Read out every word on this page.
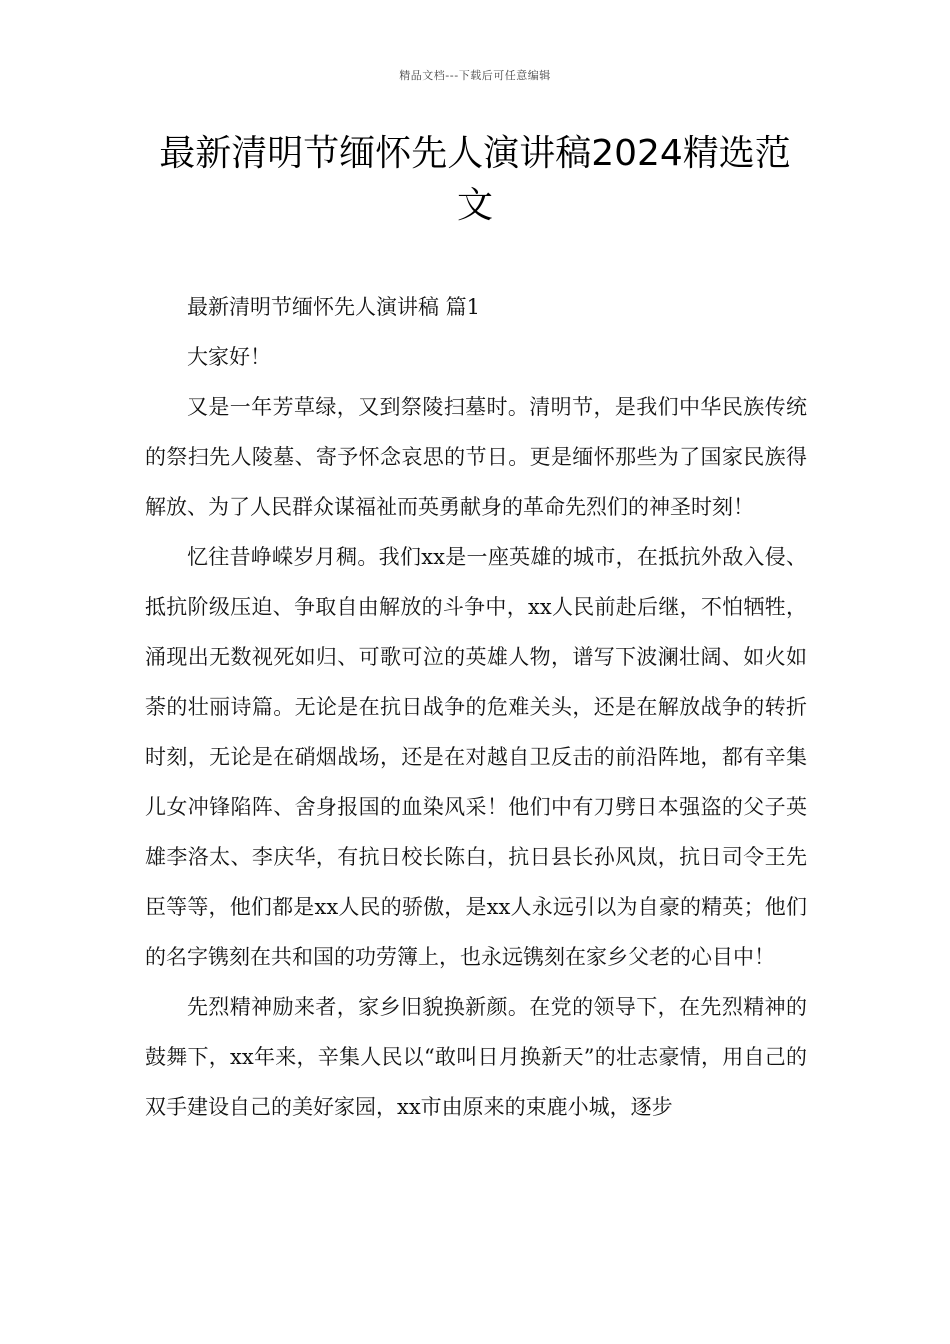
精品文档---下载后可任意编辑
最新清明节缅怀先人演讲稿2024精选范文

最新清明节缅怀先人演讲稿 篇1

大家好！

又是一年芳草绿，又到祭陵扫墓时。清明节，是我们中华民族传统的祭扫先人陵墓、寄予怀念哀思的节日。更是缅怀那些为了国家民族得解放、为了人民群众谋福祉而英勇献身的革命先烈们的神圣时刻！

忆往昔峥嵘岁月稠。我们xx是一座英雄的城市，在抵抗外敌入侵、抵抗阶级压迫、争取自由解放的斗争中，xx人民前赴后继，不怕牺牲，涌现出无数视死如归、可歌可泣的英雄人物，谱写下波澜壮阔、如火如荼的壮丽诗篇。无论是在抗日战争的危难关头，还是在解放战争的转折时刻，无论是在硝烟战场，还是在对越自卫反击的前沿阵地，都有辛集儿女冲锋陷阵、舍身报国的血染风采！他们中有刀劈日本强盗的父子英雄李洛太、李庆华，有抗日校长陈白，抗日县长孙风岚，抗日司令王先臣等等，他们都是xx人民的骄傲，是xx人永远引以为自豪的精英；他们的名字镌刻在共和国的功劳簿上，也永远镌刻在家乡父老的心目中！

先烈精神励来者，家乡旧貌换新颜。在党的领导下，在先烈精神的鼓舞下，xx年来，辛集人民以“敢叫日月换新天”的壮志豪情，用自己的双手建设自己的美好家园，xx市由原来的束鹿小城，逐步
